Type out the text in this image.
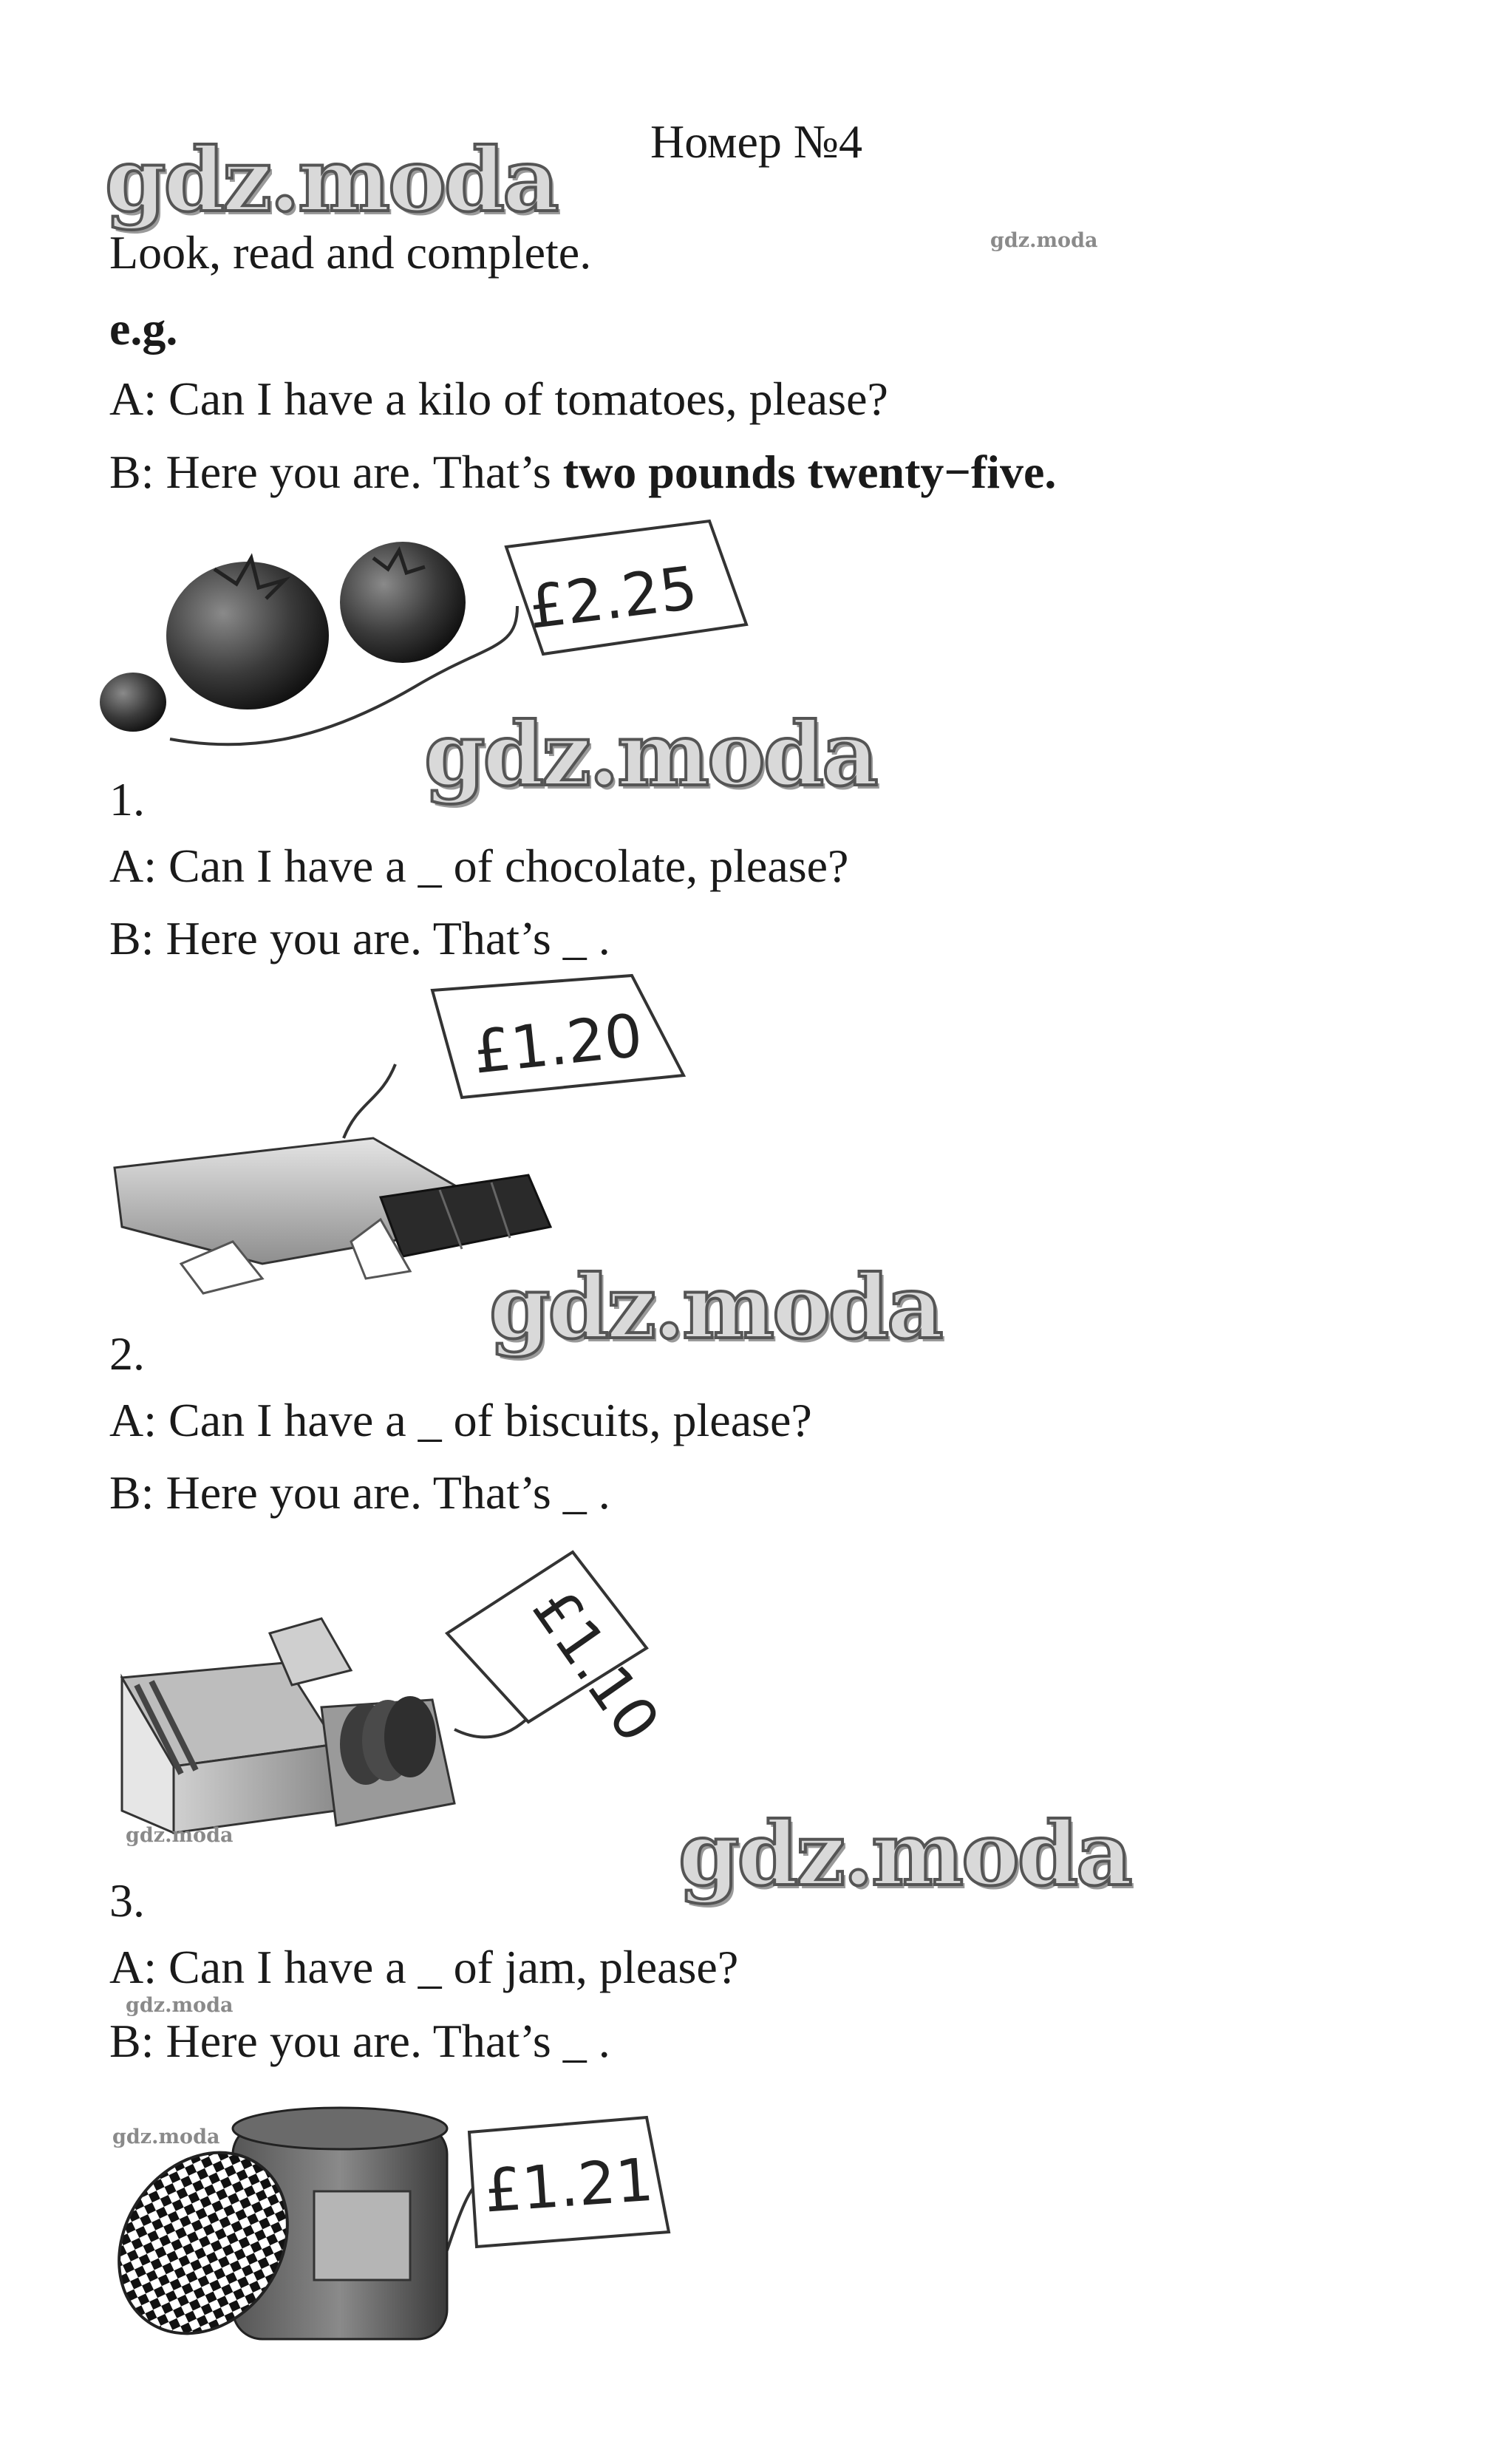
Номер №4
gdz.moda
gdz.moda
Look, read and complete.
e.g.
A: Can I have a kilo of tomatoes, please?
B: Here you are. That’s two pounds twenty−five.
£2.25
gdz.moda
1.
A: Can I have a _ of chocolate, please?
B: Here you are. That’s _ .
£1.20
gdz.moda
2.
A: Can I have a _ of biscuits, please?
B: Here you are. That’s _ .
£1.10
gdz.moda	gdz.moda
3.
A: Can I have a _ of jam, please?
gdz.moda
B: Here you are. That’s _ .
£1.21
gdz.moda
